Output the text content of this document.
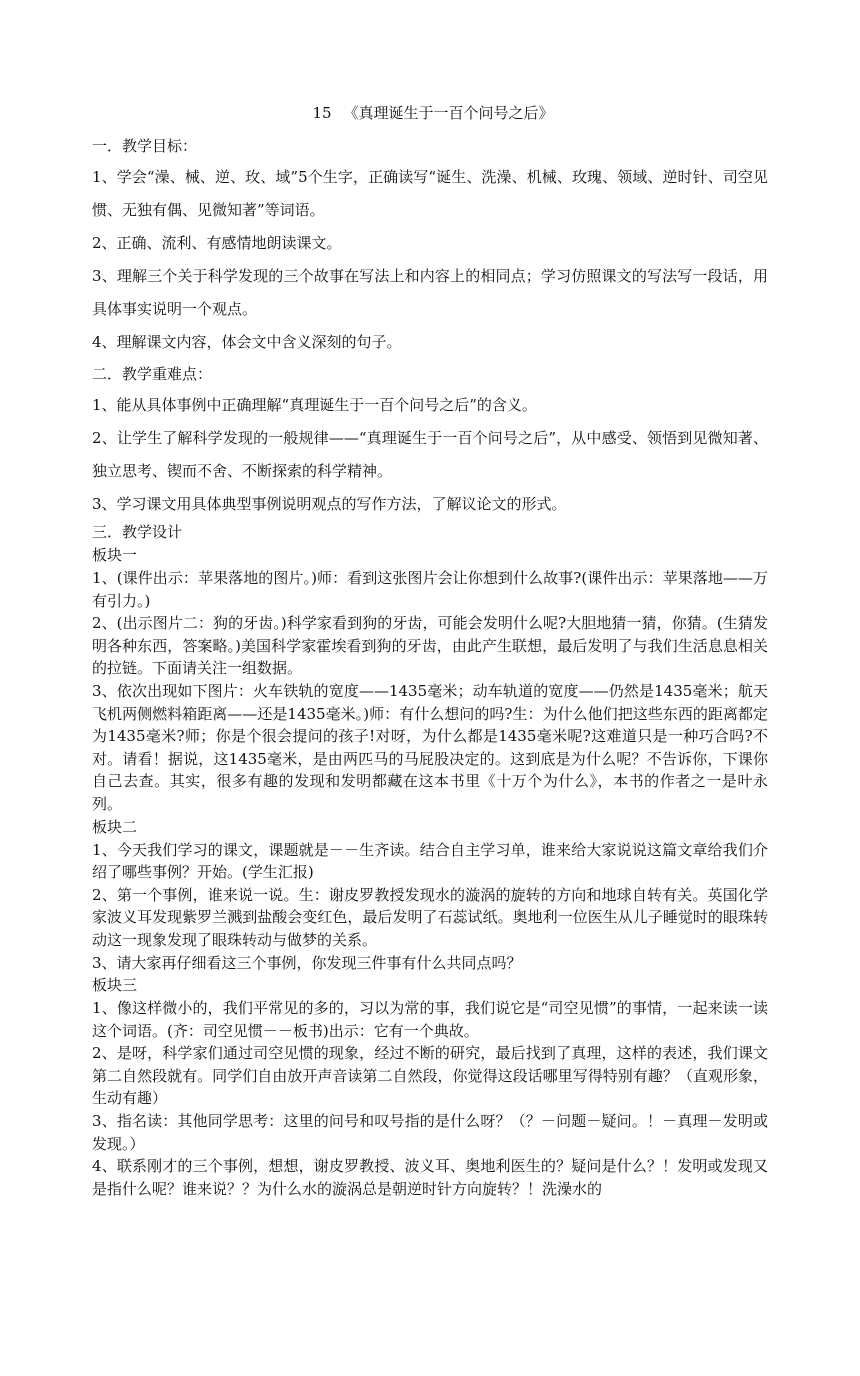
15 《真理诞生于一百个问号之后》

一．教学目标：

1、学会“澡、械、逆、玫、域”5个生字，正确读写“诞生、洗澡、机械、玫瑰、领域、逆时针、司空见惯、无独有偶、见微知著”等词语。

2、正确、流利、有感情地朗读课文。

3、理解三个关于科学发现的三个故事在写法上和内容上的相同点；学习仿照课文的写法写一段话，用具体事实说明一个观点。

4、理解课文内容，体会文中含义深刻的句子。

二．教学重难点：

1、能从具体事例中正确理解“真理诞生于一百个问号之后”的含义。

2、让学生了解科学发现的一般规律——“真理诞生于一百个问号之后”，从中感受、领悟到见微知著、独立思考、锲而不舍、不断探索的科学精神。

3、学习课文用具体典型事例说明观点的写作方法，了解议论文的形式。

三．教学设计

板块一

1、(课件出示：苹果落地的图片。)师：看到这张图片会让你想到什么故事?(课件出示：苹果落地——万有引力。)

2、(出示图片二：狗的牙齿。)科学家看到狗的牙齿，可能会发明什么呢?大胆地猜一猜，你猜。(生猜发明各种东西，答案略。)美国科学家霍埃看到狗的牙齿，由此产生联想，最后发明了与我们生活息息相关的拉链。下面请关注一组数据。

3、依次出现如下图片：火车铁轨的宽度——1435毫米；动车轨道的宽度——仍然是1435毫米；航天飞机两侧燃料箱距离——还是1435毫米。)师：有什么想问的吗?生：为什么他们把这些东西的距离都定为1435毫米?师；你是个很会提问的孩子!对呀，为什么都是1435毫米呢?这难道只是一种巧合吗?不对。请看！据说，这1435毫米，是由两匹马的马屁股决定的。这到底是为什么呢？不告诉你，下课你自己去查。其实，很多有趣的发现和发明都藏在这本书里《十万个为什么》，本书的作者之一是叶永列。

板块二

1、今天我们学习的课文，课题就是－－生齐读。结合自主学习单，谁来给大家说说这篇文章给我们介绍了哪些事例？开始。(学生汇报)

2、第一个事例，谁来说一说。生：谢皮罗教授发现水的漩涡的旋转的方向和地球自转有关。英国化学家波义耳发现紫罗兰溅到盐酸会变红色，最后发明了石蕊试纸。奥地利一位医生从儿子睡觉时的眼珠转动这一现象发现了眼珠转动与做梦的关系。

3、请大家再仔细看这三个事例，你发现三件事有什么共同点吗？

板块三

1、像这样微小的，我们平常见的多的，习以为常的事，我们说它是“司空见惯”的事情，一起来读一读这个词语。(齐：司空见惯－－板书)出示：它有一个典故。

2、是呀，科学家们通过司空见惯的现象，经过不断的研究，最后找到了真理，这样的表述，我们课文第二自然段就有。同学们自由放开声音读第二自然段，你觉得这段话哪里写得特别有趣？（直观形象，生动有趣）

3、指名读：其他同学思考：这里的问号和叹号指的是什么呀？（？－问题－疑问。！－真理－发明或发现。）

4、联系刚才的三个事例，想想，谢皮罗教授、波义耳、奥地利医生的？疑问是什么？！发明或发现又是指什么呢？谁来说？？为什么水的漩涡总是朝逆时针方向旋转？！洗澡水的
